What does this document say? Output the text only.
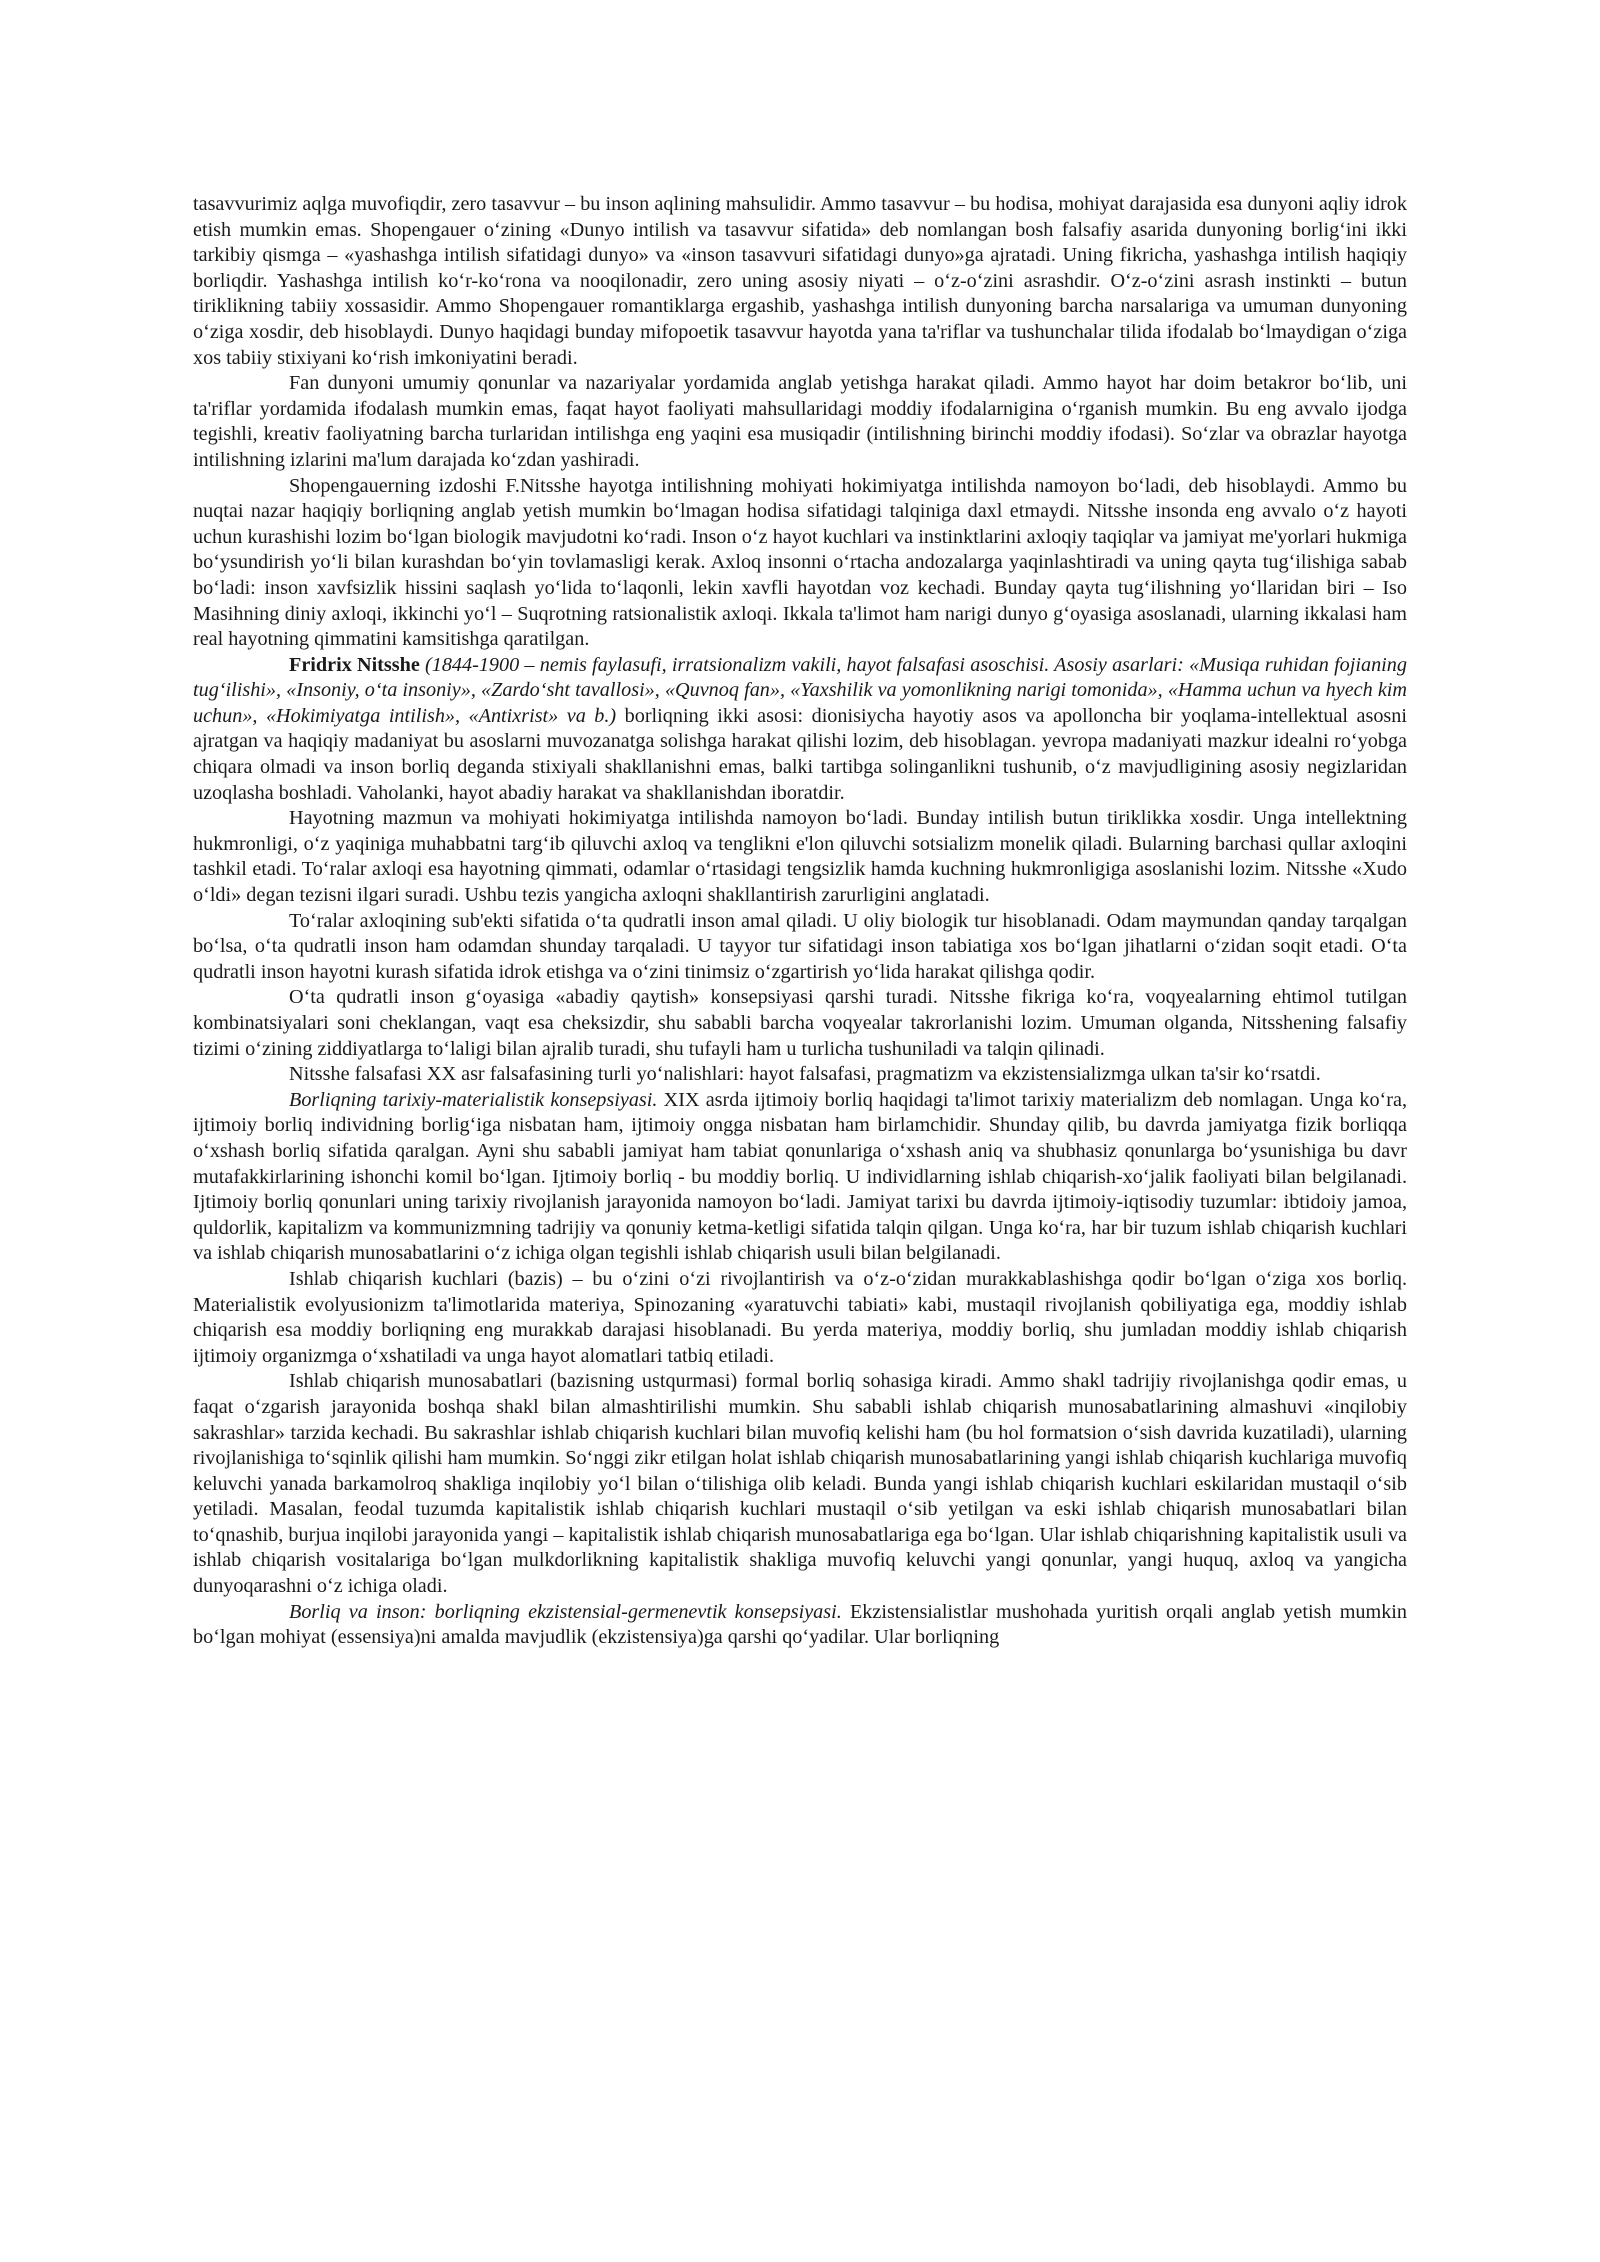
tasavvurimiz aqlga muvofiqdir, zero tasavvur – bu inson aqlining mahsulidir. Ammo tasavvur – bu hodisa, mohiyat darajasida esa dunyoni aqliy idrok etish mumkin emas. Shopengauer o‘zining «Dunyo intilish va tasavvur sifatida» deb nomlangan bosh falsafiy asarida dunyoning borlig‘ini ikki tarkibiy qismga – «yashashga intilish sifatidagi dunyo» va «inson tasavvuri sifatidagi dunyo»ga ajratadi. Uning fikricha, yashashga intilish haqiqiy borliqdir. Yashashga intilish ko‘r-ko‘rona va nooqilonadir, zero uning asosiy niyati – o‘z-o‘zini asrashdir. O‘z-o‘zini asrash instinkti – butun tiriklikning tabiiy xossasidir. Ammo Shopengauer romantiklarga ergashib, yashashga intilish dunyoning barcha narsalariga va umuman dunyoning o‘ziga xosdir, deb hisoblaydi. Dunyo haqidagi bunday mifopoetik tasavvur hayotda yana ta'riflar va tushunchalar tilida ifodalab bo‘lmaydigan o‘ziga xos tabiiy stixiyani ko‘rish imkoniyatini beradi.

Fan dunyoni umumiy qonunlar va nazariyalar yordamida anglab yetishga harakat qiladi. Ammo hayot har doim betakror bo‘lib, uni ta'riflar yordamida ifodalash mumkin emas, faqat hayot faoliyati mahsullaridagi moddiy ifodalarnigina o‘rganish mumkin. Bu eng avvalo ijodga tegishli, kreativ faoliyatning barcha turlaridan intilishga eng yaqini esa musiqadir (intilishning birinchi moddiy ifodasi). So‘zlar va obrazlar hayotga intilishning izlarini ma'lum darajada ko‘zdan yashiradi.

Shopengauerning izdoshi F.Nitsshe hayotga intilishning mohiyati hokimiyatga intilishda namoyon bo‘ladi, deb hisoblaydi. Ammo bu nuqtai nazar haqiqiy borliqning anglab yetish mumkin bo‘lmagan hodisa sifatidagi talqiniga daxl etmaydi. Nitsshe insonda eng avvalo o‘z hayoti uchun kurashishi lozim bo‘lgan biologik mavjudotni ko‘radi. Inson o‘z hayot kuchlari va instinktlarini axloqiy taqiqlar va jamiyat me'yorlari hukmiga bo‘ysundirish yo‘li bilan kurashdan bo‘yin tovlamasligi kerak. Axloq insonni o‘rtacha andozalarga yaqinlashtiradi va uning qayta tug‘ilishiga sabab bo‘ladi: inson xavfsizlik hissini saqlash yo‘lida to‘laqonli, lekin xavfli hayotdan voz kechadi. Bunday qayta tug‘ilishning yo‘llaridan biri – Iso Masihning diniy axloqi, ikkinchi yo‘l – Suqrotning ratsionalistik axloqi. Ikkala ta'limot ham narigi dunyo g‘oyasiga asoslanadi, ularning ikkalasi ham real hayotning qimmatini kamsitishga qaratilgan.

Fridrix Nitsshe (1844-1900 – nemis faylasufi, irratsionalizm vakili, hayot falsafasi asoschisi. Asosiy asarlari: «Musiqa ruhidan fojianing tug‘ilishi», «Insoniy, o‘ta insoniy», «Zardo‘sht tavallosi», «Quvnoq fan», «Yaxshilik va yomonlikning narigi tomonida», «Hamma uchun va hyech kim uchun», «Hokimiyatga intilish», «Antixrist» va b.) borliqning ikki asosi: dionisiycha hayotiy asos va apolloncha bir yoqlama-intellektual asosni ajratgan va haqiqiy madaniyat bu asoslarni muvozanatga solishga harakat qilishi lozim, deb hisoblagan. yevropa madaniyati mazkur idealni ro‘yobga chiqara olmadi va inson borliq deganda stixiyali shakllanishni emas, balki tartibga solinganlikni tushunib, o‘z mavjudligining asosiy negizlaridan uzoqlasha boshladi. Vaholanki, hayot abadiy harakat va shakllanishdan iboratdir.

Hayotning mazmun va mohiyati hokimiyatga intilishda namoyon bo‘ladi. Bunday intilish butun tiriklikka xosdir. Unga intellektning hukmronligi, o‘z yaqiniga muhabbatni targ‘ib qiluvchi axloq va tenglikni e'lon qiluvchi sotsializm monelik qiladi. Bularning barchasi qullar axloqini tashkil etadi. To‘ralar axloqi esa hayotning qimmati, odamlar o‘rtasidagi tengsizlik hamda kuchning hukmronligiga asoslanishi lozim. Nitsshe «Xudo o‘ldi» degan tezisni ilgari suradi. Ushbu tezis yangicha axloqni shakllantirish zarurligini anglatadi.

To‘ralar axloqining sub'ekti sifatida o‘ta qudratli inson amal qiladi. U oliy biologik tur hisoblanadi. Odam maymundan qanday tarqalgan bo‘lsa, o‘ta qudratli inson ham odamdan shunday tarqaladi. U tayyor tur sifatidagi inson tabiatiga xos bo‘lgan jihatlarni o‘zidan soqit etadi. O‘ta qudratli inson hayotni kurash sifatida idrok etishga va o‘zini tinimsiz o‘zgartirish yo‘lida harakat qilishga qodir.

O‘ta qudratli inson g‘oyasiga «abadiy qaytish» konsepsiyasi qarshi turadi. Nitsshe fikriga ko‘ra, voqyealarning ehtimol tutilgan kombinatsiyalari soni cheklangan, vaqt esa cheksizdir, shu sababli barcha voqyealar takrorlanishi lozim. Umuman olganda, Nitsshening falsafiy tizimi o‘zining ziddiyatlarga to‘laligi bilan ajralib turadi, shu tufayli ham u turlicha tushuniladi va talqin qilinadi.

Nitsshe falsafasi XX asr falsafasining turli yo‘nalishlari: hayot falsafasi, pragmatizm va ekzistensializmga ulkan ta'sir ko‘rsatdi.

Borliqning tarixiy-materialistik konsepsiyasi. XIX asrda ijtimoiy borliq haqidagi ta'limot tarixiy materializm deb nomlagan. Unga ko‘ra, ijtimoiy borliq individning borlig‘iga nisbatan ham, ijtimoiy ongga nisbatan ham birlamchidir. Shunday qilib, bu davrda jamiyatga fizik borliqqa o‘xshash borliq sifatida qaralgan. Ayni shu sababli jamiyat ham tabiat qonunlariga o‘xshash aniq va shubhasiz qonunlarga bo‘ysunishiga bu davr mutafakkirlarining ishonchi komil bo‘lgan. Ijtimoiy borliq - bu moddiy borliq. U individlarning ishlab chiqarish-xo‘jalik faoliyati bilan belgilanadi. Ijtimoiy borliq qonunlari uning tarixiy rivojlanish jarayonida namoyon bo‘ladi. Jamiyat tarixi bu davrda ijtimoiy-iqtisodiy tuzumlar: ibtidoiy jamoa, quldorlik, kapitalizm va kommunizmning tadrijiy va qonuniy ketma-ketligi sifatida talqin qilgan. Unga ko‘ra, har bir tuzum ishlab chiqarish kuchlari va ishlab chiqarish munosabatlarini o‘z ichiga olgan tegishli ishlab chiqarish usuli bilan belgilanadi.

Ishlab chiqarish kuchlari (bazis) – bu o‘zini o‘zi rivojlantirish va o‘z-o‘zidan murakkablashishga qodir bo‘lgan o‘ziga xos borliq. Materialistik evolyusionizm ta'limotlarida materiya, Spinozaning «yaratuvchi tabiati» kabi, mustaqil rivojlanish qobiliyatiga ega, moddiy ishlab chiqarish esa moddiy borliqning eng murakkab darajasi hisoblanadi. Bu yerda materiya, moddiy borliq, shu jumladan moddiy ishlab chiqarish ijtimoiy organizmga o‘xshatiladi va unga hayot alomatlari tatbiq etiladi.

Ishlab chiqarish munosabatlari (bazisning ustqurmasi) formal borliq sohasiga kiradi. Ammo shakl tadrijiy rivojlanishga qodir emas, u faqat o‘zgarish jarayonida boshqa shakl bilan almashtirilishi mumkin. Shu sababli ishlab chiqarish munosabatlarining almashuvi «inqilobiy sakrashlar» tarzida kechadi. Bu sakrashlar ishlab chiqarish kuchlari bilan muvofiq kelishi ham (bu hol formatsion o‘sish davrida kuzatiladi), ularning rivojlanishiga to‘sqinlik qilishi ham mumkin. So‘nggi zikr etilgan holat ishlab chiqarish munosabatlarining yangi ishlab chiqarish kuchlariga muvofiq keluvchi yanada barkamolroq shakliga inqilobiy yo‘l bilan o‘tilishiga olib keladi. Bunda yangi ishlab chiqarish kuchlari eskilaridan mustaqil o‘sib yetiladi. Masalan, feodal tuzumda kapitalistik ishlab chiqarish kuchlari mustaqil o‘sib yetilgan va eski ishlab chiqarish munosabatlari bilan to‘qnashib, burjua inqilobi jarayonida yangi – kapitalistik ishlab chiqarish munosabatlariga ega bo‘lgan. Ular ishlab chiqarishning kapitalistik usuli va ishlab chiqarish vositalariga bo‘lgan mulkdorlikning kapitalistik shakliga muvofiq keluvchi yangi qonunlar, yangi huquq, axloq va yangicha dunyoqarashni o‘z ichiga oladi.

Borliq va inson: borliqning ekzistensial-germenevtik konsepsiyasi. Ekzistensialistlar mushohada yuritish orqali anglab yetish mumkin bo‘lgan mohiyat (essensiya)ni amalda mavjudlik (ekzistensiya)ga qarshi qo‘yadilar. Ular borliqning
